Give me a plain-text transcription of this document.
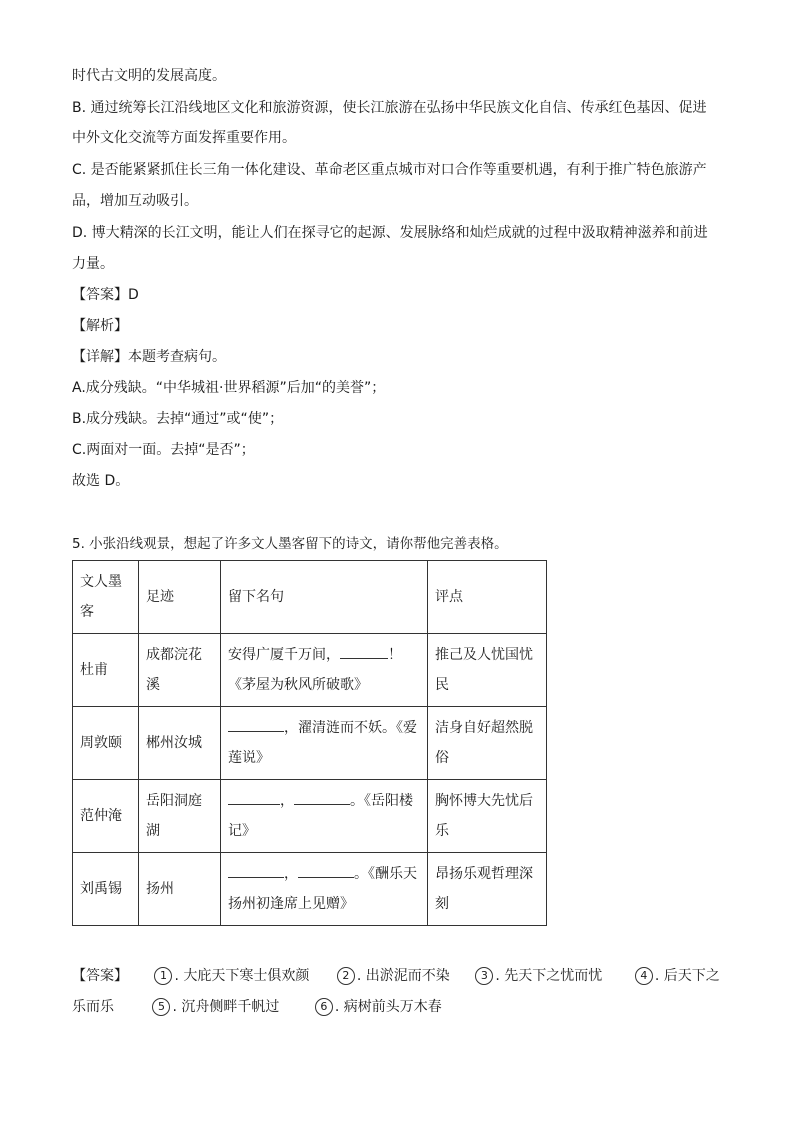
时代古文明的发展高度。
B. 通过统筹长江沿线地区文化和旅游资源，使长江旅游在弘扬中华民族文化自信、传承红色基因、促进
中外文化交流等方面发挥重要作用。
C. 是否能紧紧抓住长三角一体化建设、革命老区重点城市对口合作等重要机遇，有利于推广特色旅游产
品，增加互动吸引。
D. 博大精深的长江文明，能让人们在探寻它的起源、发展脉络和灿烂成就的过程中汲取精神滋养和前进
力量。
【答案】D
【解析】
【详解】本题考查病句。
A.成分残缺。“中华城祖·世界稻源”后加“的美誉”；
B.成分残缺。去掉“通过”或“使”；
C.两面对一面。去掉“是否”；
故选 D。
5. 小张沿线观景，想起了许多文人墨客留下的诗文，请你帮他完善表格。
文人墨客	足迹	留下名句	评点
杜甫	成都浣花溪	安得广厦千万间， ！《茅屋为秋风所破歌》	推己及人忧国忧民
周敦颐	郴州汝城	，濯清涟而不妖。《爱莲说》	洁身自好超然脱俗
范仲淹	岳阳洞庭湖	， 。《岳阳楼记》	胸怀博大先忧后乐
刘禹锡	扬州	， 。《酬乐天扬州初逢席上见赠》	昂扬乐观哲理深刻
【答案】	1 . 大庇天下寒士俱欢颜	2 . 出淤泥而不染	3 . 先天下之忧而忧	4 . 后天下之
乐而乐	5 . 沉舟侧畔千帆过	6 . 病树前头万木春
